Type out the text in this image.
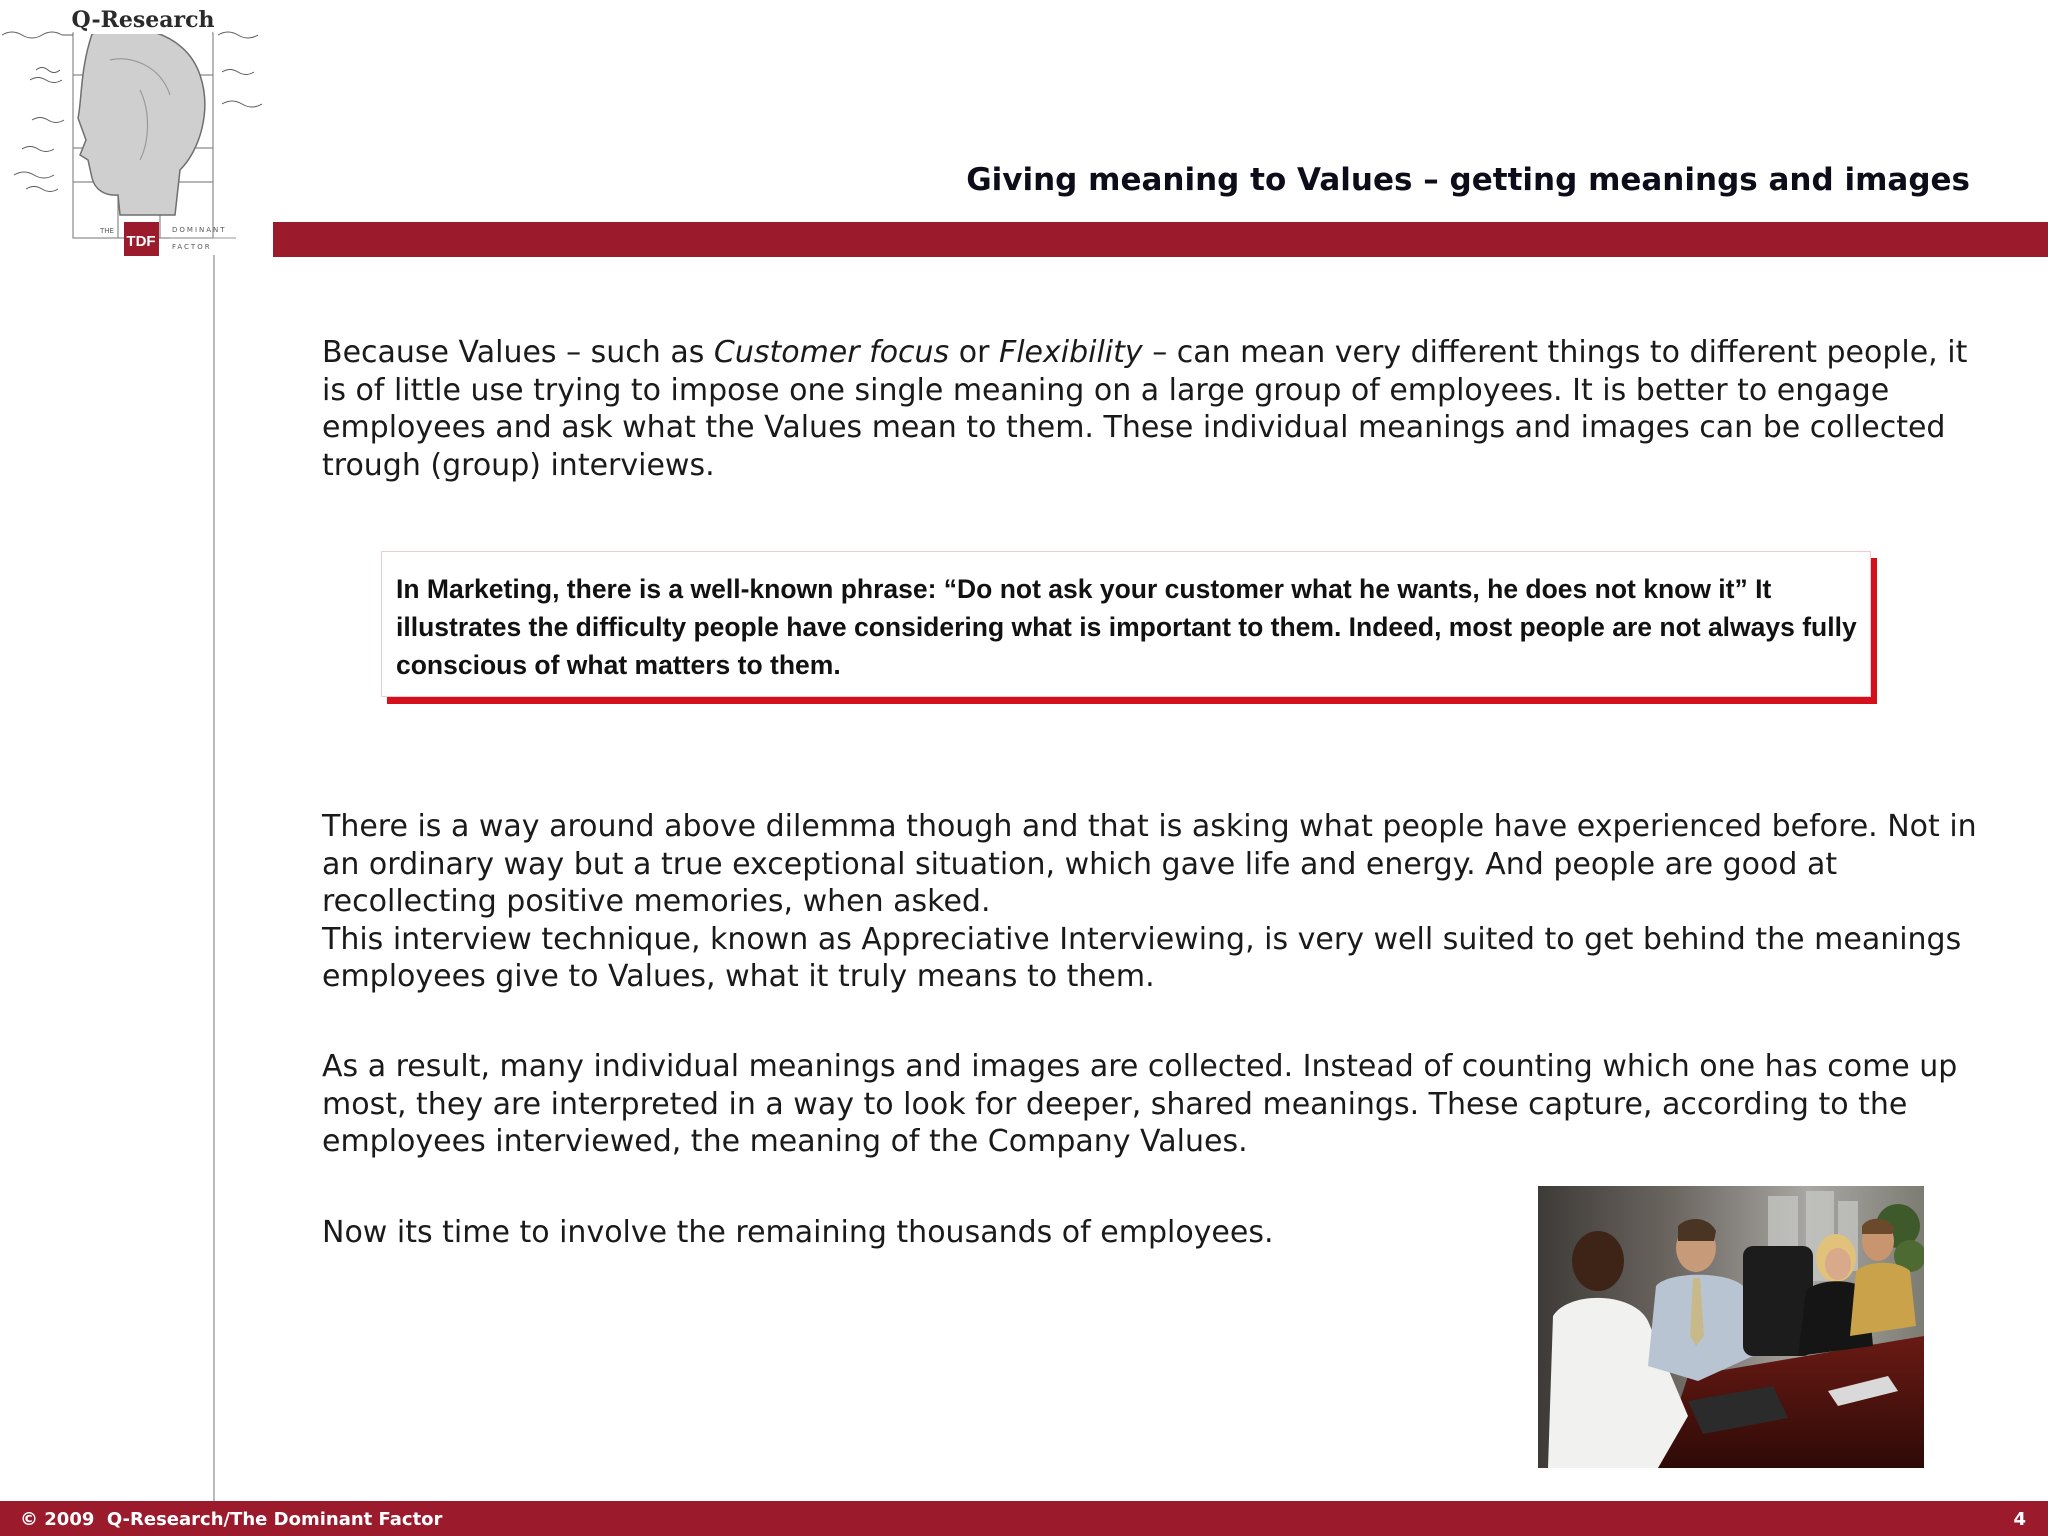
Q-Research
TDF
THE	DOMINANT
FACTOR
Giving meaning to Values – getting meanings and images

Because Values – such as Customer focus or Flexibility – can mean very different things to different people, it is of little use trying to impose one single meaning on a large group of employees. It is better to engage employees and ask what the Values mean to them. These individual meanings and images can be collected trough (group) interviews.

In Marketing, there is a well-known phrase: “Do not ask your customer what he wants, he does not know it” It illustrates the difficulty people have considering what is important to them. Indeed, most people are not always fully conscious of what matters to them.

There is a way around above dilemma though and that is asking what people have experienced before. Not in an ordinary way but a true exceptional situation, which gave life and energy. And people are good at recollecting positive memories, when asked.
This interview technique, known as Appreciative Interviewing, is very well suited to get behind the meanings employees give to Values, what it truly means to them.

As a result, many individual meanings and images are collected. Instead of counting which one has come up most, they are interpreted in a way to look for deeper, shared meanings. These capture, according to the employees interviewed, the meaning of the Company Values.

Now its time to involve the remaining thousands of employees.

© 2009  Q-Research/The Dominant Factor	4
